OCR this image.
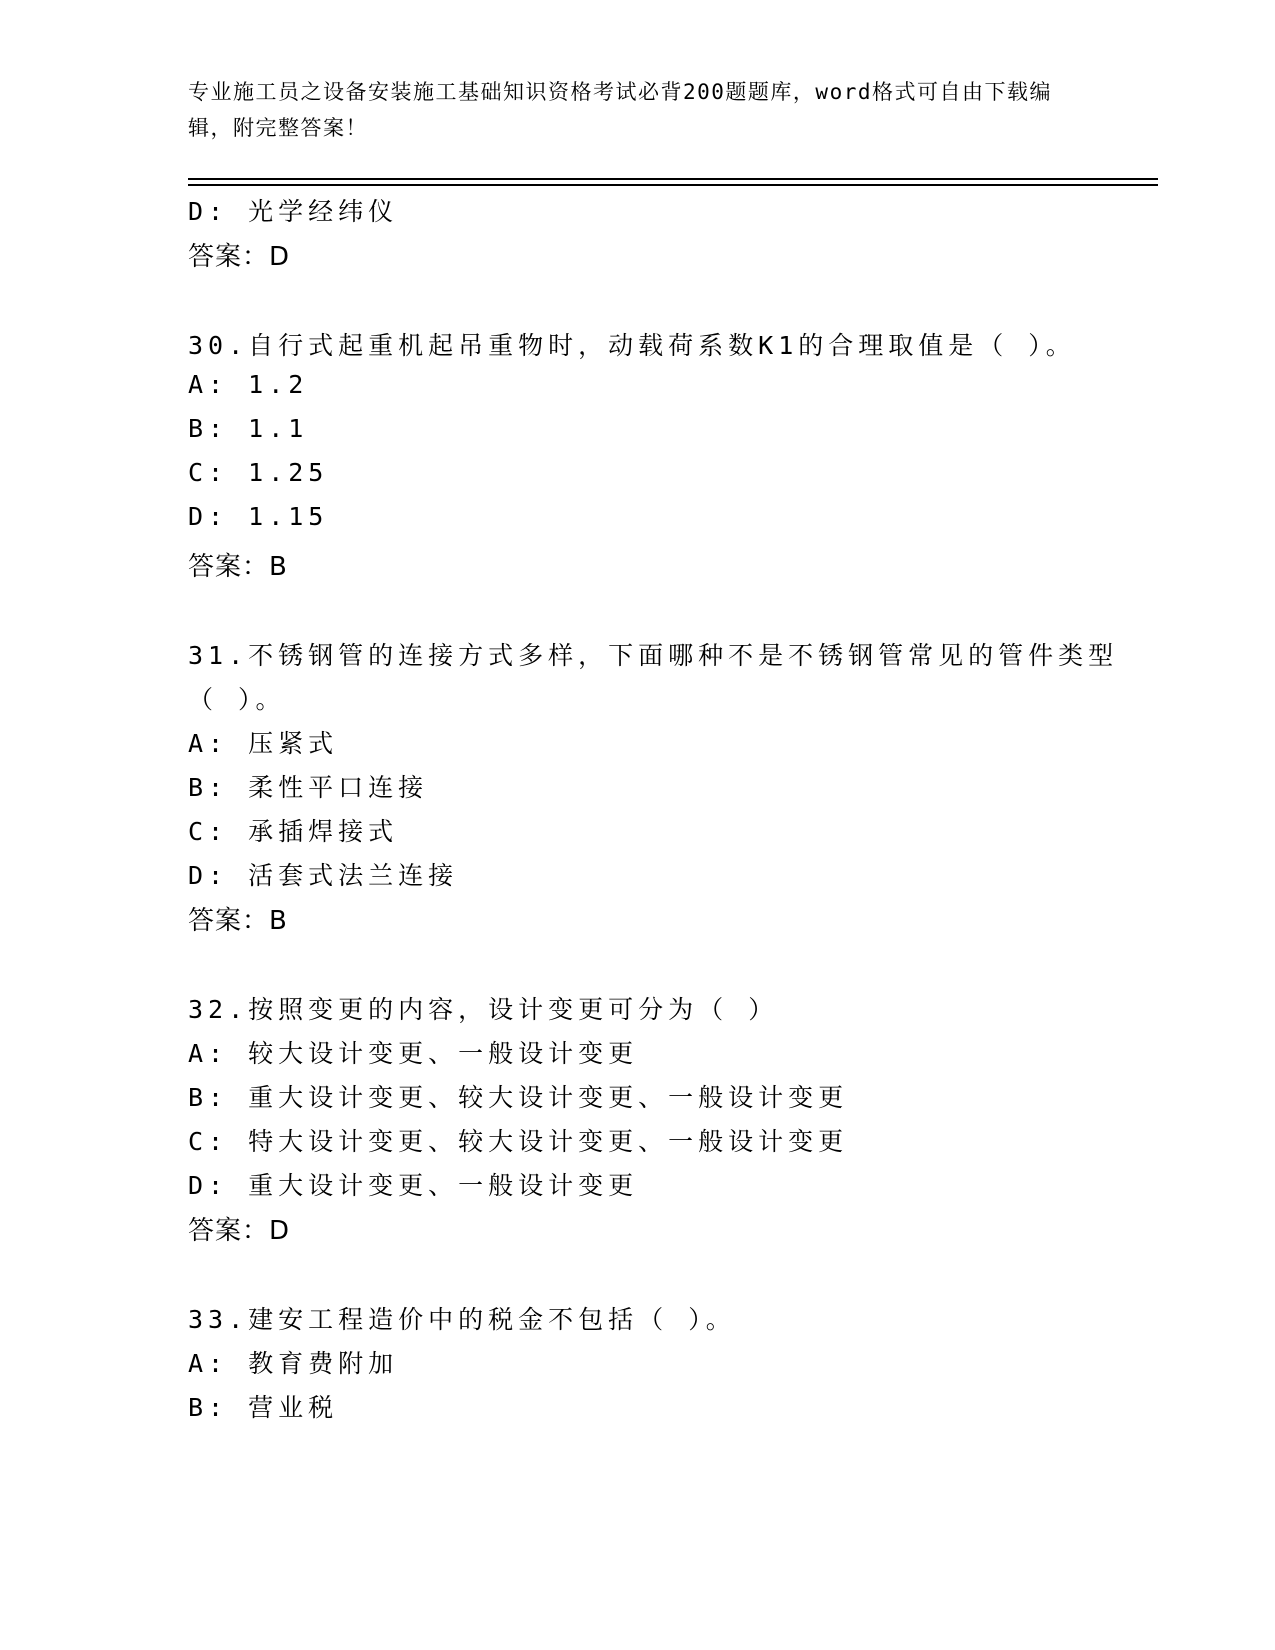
专业施工员之设备安装施工基础知识资格考试必背200题题库，word格式可自由下载编辑，附完整答案！
D: 光学经纬仪
答案：D
30.自行式起重机起吊重物时，动载荷系数K1的合理取值是（ ）。
A: 1.2
B: 1.1
C: 1.25
D: 1.15
答案：B
31.不锈钢管的连接方式多样，下面哪种不是不锈钢管常见的管件类型
（ ）。
A: 压紧式
B: 柔性平口连接
C: 承插焊接式
D: 活套式法兰连接
答案：B
32.按照变更的内容，设计变更可分为（ ）
A: 较大设计变更、一般设计变更
B: 重大设计变更、较大设计变更、一般设计变更
C: 特大设计变更、较大设计变更、一般设计变更
D: 重大设计变更、一般设计变更
答案：D
33.建安工程造价中的税金不包括（ ）。
A: 教育费附加
B: 营业税
